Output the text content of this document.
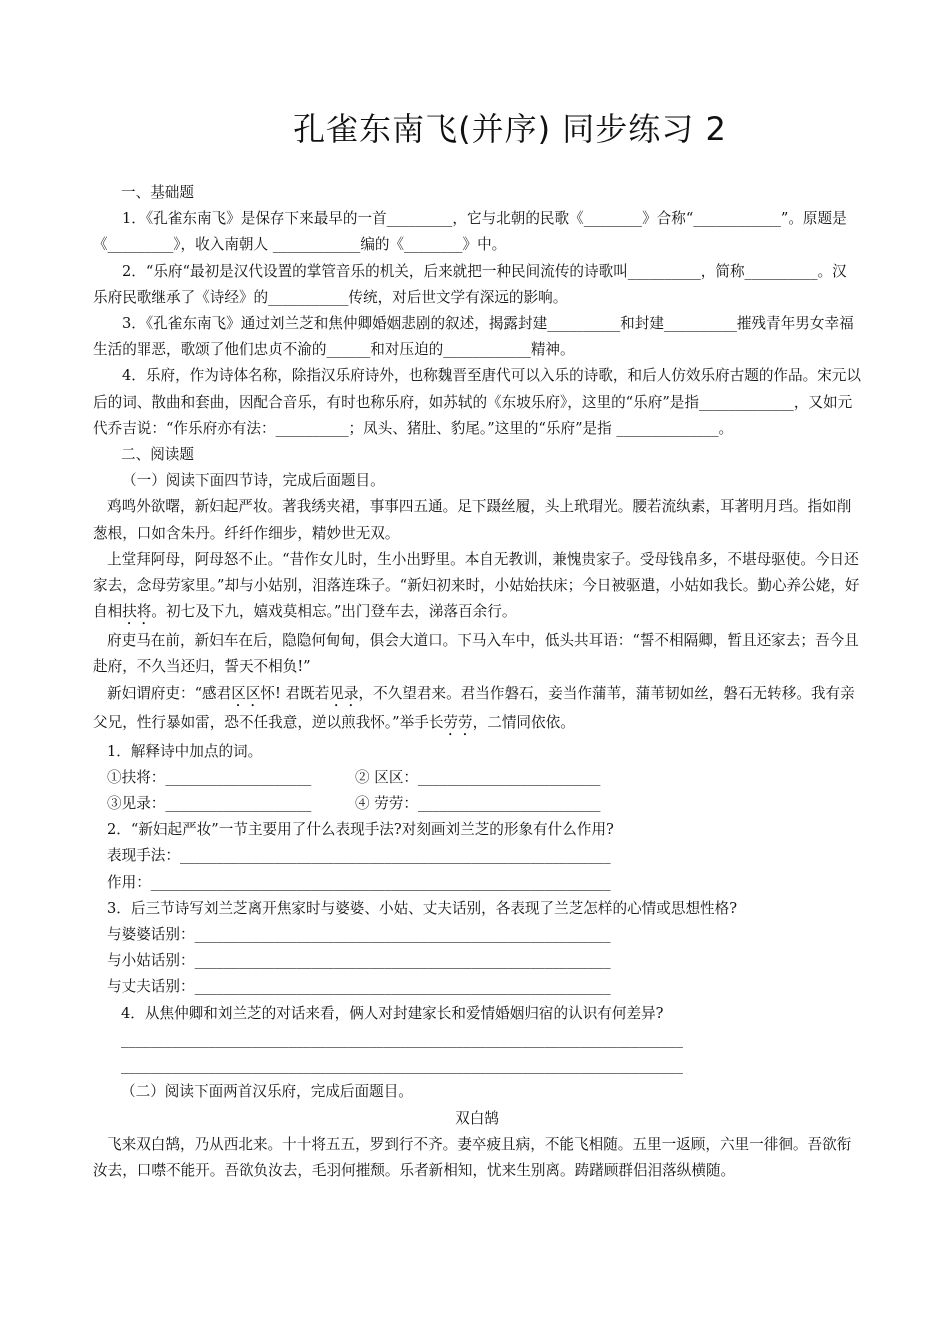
孔雀东南飞(并序) 同步练习 2

一、基础题

1．《孔雀东南飞》是保存下来最早的一首_________，它与北朝的民歌《________》合称“____________”。原题是《_________》，收入南朝人 ____________编的《________》中。

2．“乐府“最初是汉代设置的掌管音乐的机关，后来就把一种民间流传的诗歌叫__________，简称__________。汉乐府民歌继承了《诗经》的___________传统，对后世文学有深远的影响。

3．《孔雀东南飞》通过刘兰芝和焦仲卿婚姻悲剧的叙述，揭露封建__________和封建__________摧残青年男女幸福生活的罪恶，歌颂了他们忠贞不渝的______和对压迫的____________精神。

4．乐府，作为诗体名称，除指汉乐府诗外，也称魏晋至唐代可以入乐的诗歌，和后人仿效乐府古题的作品。宋元以后的词、散曲和套曲，因配合音乐，有时也称乐府，如苏轼的《东坡乐府》，这里的“乐府”是指_____________，又如元代乔吉说：“作乐府亦有法：__________；凤头、猪肚、豹尾。”这里的“乐府”是指 ______________。

二、阅读题

（一）阅读下面四节诗，完成后面题目。

鸡鸣外欲曙，新妇起严妆。著我绣夹裙，事事四五通。足下蹑丝履，头上玳瑁光。腰若流纨素，耳著明月珰。指如削葱根，口如含朱丹。纤纤作细步，精妙世无双。

上堂拜阿母，阿母怒不止。“昔作女儿时，生小出野里。本自无教训，兼愧贵家子。受母钱帛多，不堪母驱使。今日还家去，念母劳家里。”却与小姑别，泪落连珠子。“新妇初来时，小姑始扶床；今日被驱遣，小姑如我长。勤心养公姥，好自相扶将。初七及下九，嬉戏莫相忘。”出门登车去，涕落百余行。

府吏马在前，新妇车在后，隐隐何甸甸，俱会大道口。下马入车中，低头共耳语：“誓不相隔卿，暂且还家去；吾今且赴府，不久当还归，誓天不相负!”

新妇谓府吏：“感君区区怀! 君既若见录，不久望君来。君当作磐石，妾当作蒲苇，蒲苇韧如丝，磐石无转移。我有亲父兄，性行暴如雷，恐不任我意，逆以煎我怀。”举手长劳劳，二情同依依。

1．解释诗中加点的词。

①扶将：____________________	② 区区：_________________________

③见录：____________________	④ 劳劳：_________________________

2．“新妇起严妆”一节主要用了什么表现手法?对刻画刘兰芝的形象有什么作用?

表现手法：___________________________________________________________

作用：_______________________________________________________________

3．后三节诗写刘兰芝离开焦家时与婆婆、小姑、丈夫话别，各表现了兰芝怎样的心情或思想性格?

与婆婆话别：_________________________________________________________

与小姑话别：_________________________________________________________

与丈夫话别：_________________________________________________________

4．从焦仲卿和刘兰芝的对话来看，俩人对封建家长和爱情婚姻归宿的认识有何差异?

_____________________________________________________________________________

_____________________________________________________________________________

（二）阅读下面两首汉乐府，完成后面题目。

双白鹄

飞来双白鹄，乃从西北来。十十将五五，罗到行不齐。妻卒疲且病，不能飞相随。五里一返顾，六里一徘徊。吾欲衔汝去，口噤不能开。吾欲负汝去，毛羽何摧颓。乐者新相知，忧来生别离。踌躇顾群侣泪落纵横随。
